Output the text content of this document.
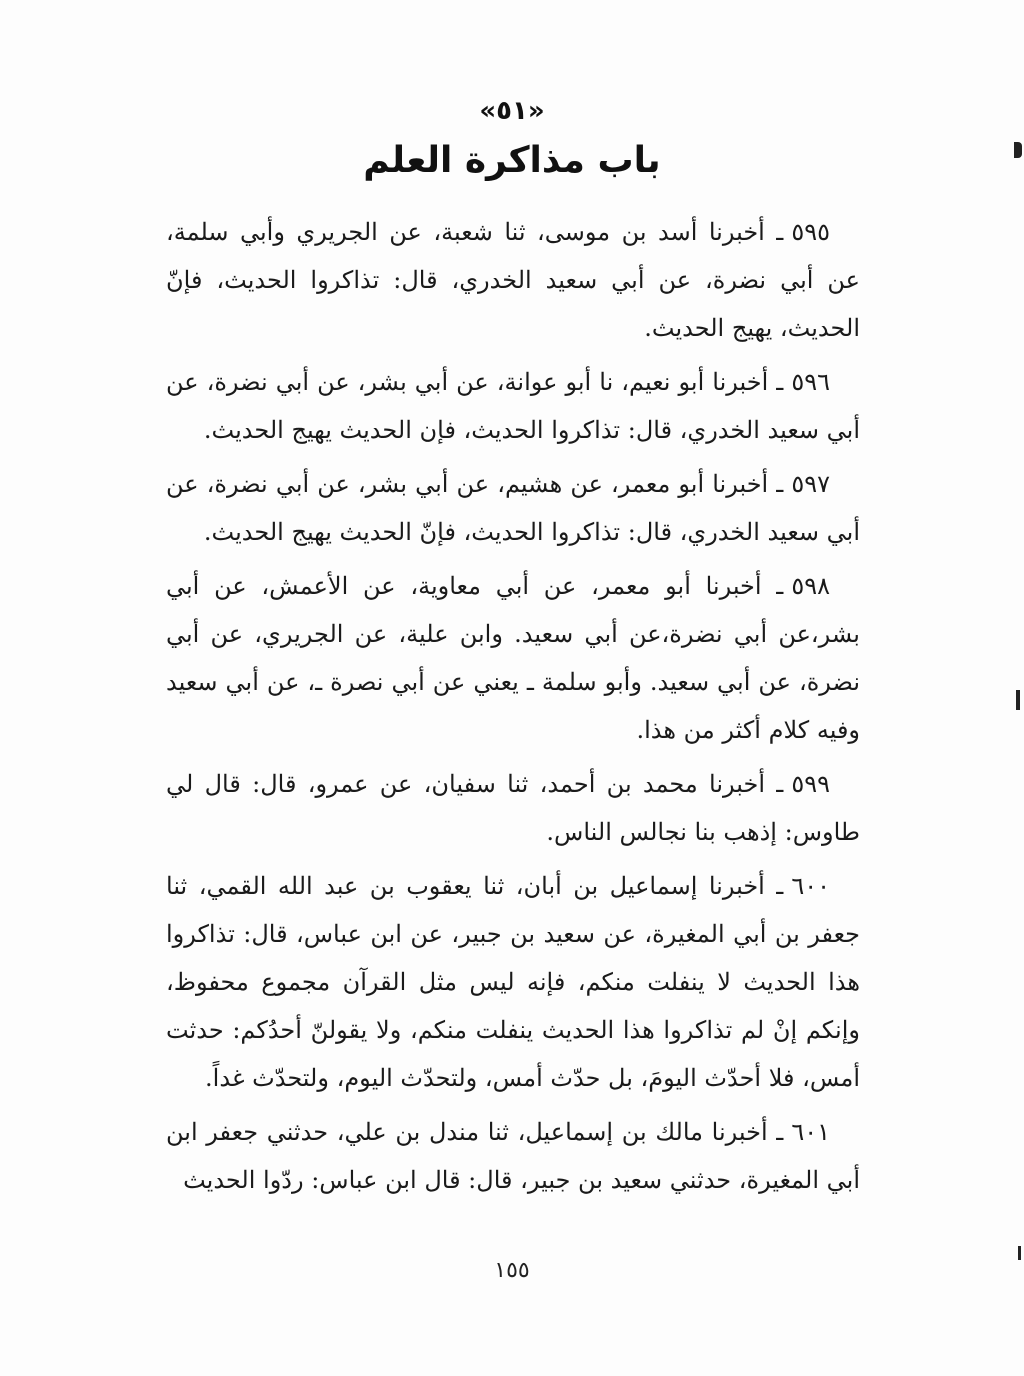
«٥١»
باب مذاكرة العلم

٥٩٥ـ أخبرنا أسد بن موسى، ثنا شعبة، عن الجريري وأبي سلمة، عن أبي نضرة، عن أبي سعيد الخدري، قال: تذاكروا الحديث، فإنّ الحديث، يهيج الحديث.

٥٩٦ـ أخبرنا أبو نعيم، نا أبو عوانة، عن أبي بشر، عن أبي نضرة، عن أبي سعيد الخدري، قال: تذاكروا الحديث، فإن الحديث يهيج الحديث.

٥٩٧ـ أخبرنا أبو معمر، عن هشيم، عن أبي بشر، عن أبي نضرة، عن أبي سعيد الخدري، قال: تذاكروا الحديث، فإنّ الحديث يهيج الحديث.

٥٩٨ـ أخبرنا أبو معمر، عن أبي معاوية، عن الأعمش، عن أبي بشر،عن أبي نضرة،عن أبي سعيد. وابن علية، عن الجريري، عن أبي نضرة، عن أبي سعيد. وأبو سلمة ـ يعني عن أبي نصرة ـ، عن أبي سعيد وفيه كلام أكثر من هذا.

٥٩٩ـ أخبرنا محمد بن أحمد، ثنا سفيان، عن عمرو، قال: قال لي طاوس: إذهب بنا نجالس الناس.

٦٠٠ـ أخبرنا إسماعيل بن أبان، ثنا يعقوب بن عبد الله القمي، ثنا جعفر بن أبي المغيرة، عن سعيد بن جبير، عن ابن عباس، قال: تذاكروا هذا الحديث لا ينفلت منكم، فإنه ليس مثل القرآن مجموع محفوظ، وإنكم إنْ لم تذاكروا هذا الحديث ينفلت منكم، ولا يقولنّ أحدُكم: حدثت أمس، فلا أحدّث اليومَ، بل حدّث أمس، ولتحدّث اليوم، ولتحدّث غداً.

٦٠١ـ أخبرنا مالك بن إسماعيل، ثنا مندل بن علي، حدثني جعفر ابن أبي المغيرة، حدثني سعيد بن جبير، قال: قال ابن عباس: ردّوا الحديث

١٥٥
